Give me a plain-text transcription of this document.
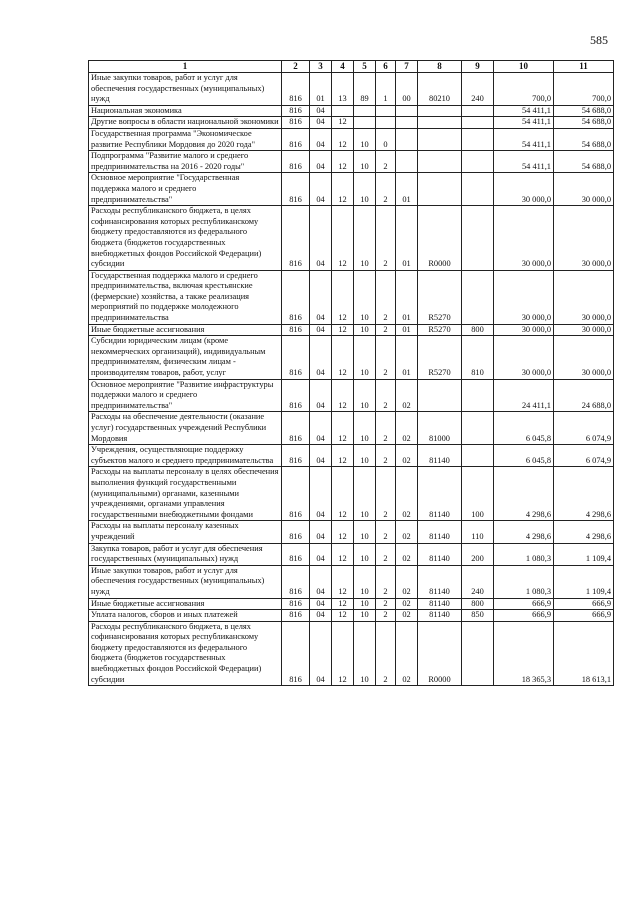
585
1	2	3	4	5	6	7	8	9	10	11
Иные закупки товаров, работ и услуг для обеспечения государственных (муниципальных) нужд	816	01	13	89	1	00	80210	240	700,0	700,0
Национальная экономика	816	04							54 411,1	54 688,0
Другие вопросы в области национальной экономики	816	04	12						54 411,1	54 688,0
Государственная программа "Экономическое развитие Республики Мордовия до 2020 года"	816	04	12	10	0				54 411,1	54 688,0
Подпрограмма "Развитие малого и среднего предпринимательства на 2016 - 2020 годы"	816	04	12	10	2				54 411,1	54 688,0
Основное мероприятие "Государственная поддержка малого и среднего предпринимательства"	816	04	12	10	2	01			30 000,0	30 000,0
Расходы республиканского бюджета, в целях софинансирования которых республиканскому бюджету предоставляются из федерального бюджета (бюджетов государственных внебюджетных фондов Российской Федерации) субсидии	816	04	12	10	2	01	R0000		30 000,0	30 000,0
Государственная поддержка малого и среднего предпринимательства, включая крестьянские (фермерские) хозяйства, а также реализация мероприятий по поддержке молодежного предпринимательства	816	04	12	10	2	01	R5270		30 000,0	30 000,0
Иные бюджетные ассигнования	816	04	12	10	2	01	R5270	800	30 000,0	30 000,0
Субсидии юридическим лицам (кроме некоммерческих организаций), индивидуальным предпринимателям, физическим лицам - производителям товаров, работ, услуг	816	04	12	10	2	01	R5270	810	30 000,0	30 000,0
Основное мероприятие "Развитие инфраструктуры поддержки малого и среднего предпринимательства"	816	04	12	10	2	02			24 411,1	24 688,0
Расходы на обеспечение деятельности (оказание услуг) государственных учреждений Республики Мордовия	816	04	12	10	2	02	81000		6 045,8	6 074,9
Учреждения, осуществляющие поддержку субъектов малого и среднего предпринимательства	816	04	12	10	2	02	81140		6 045,8	6 074,9
Расходы на выплаты персоналу в целях обеспечения выполнения функций государственными (муниципальными) органами, казенными учреждениями, органами управления государственными внебюджетными фондами	816	04	12	10	2	02	81140	100	4 298,6	4 298,6
Расходы на выплаты персоналу казенных учреждений	816	04	12	10	2	02	81140	110	4 298,6	4 298,6
Закупка товаров, работ и услуг для обеспечения государственных (муниципальных) нужд	816	04	12	10	2	02	81140	200	1 080,3	1 109,4
Иные закупки товаров, работ и услуг для обеспечения государственных (муниципальных) нужд	816	04	12	10	2	02	81140	240	1 080,3	1 109,4
Иные бюджетные ассигнования	816	04	12	10	2	02	81140	800	666,9	666,9
Уплата налогов, сборов и иных платежей	816	04	12	10	2	02	81140	850	666,9	666,9
Расходы республиканского бюджета, в целях софинансирования которых республиканскому бюджету предоставляются из федерального бюджета (бюджетов государственных внебюджетных фондов Российской Федерации) субсидии	816	04	12	10	2	02	R0000		18 365,3	18 613,1
